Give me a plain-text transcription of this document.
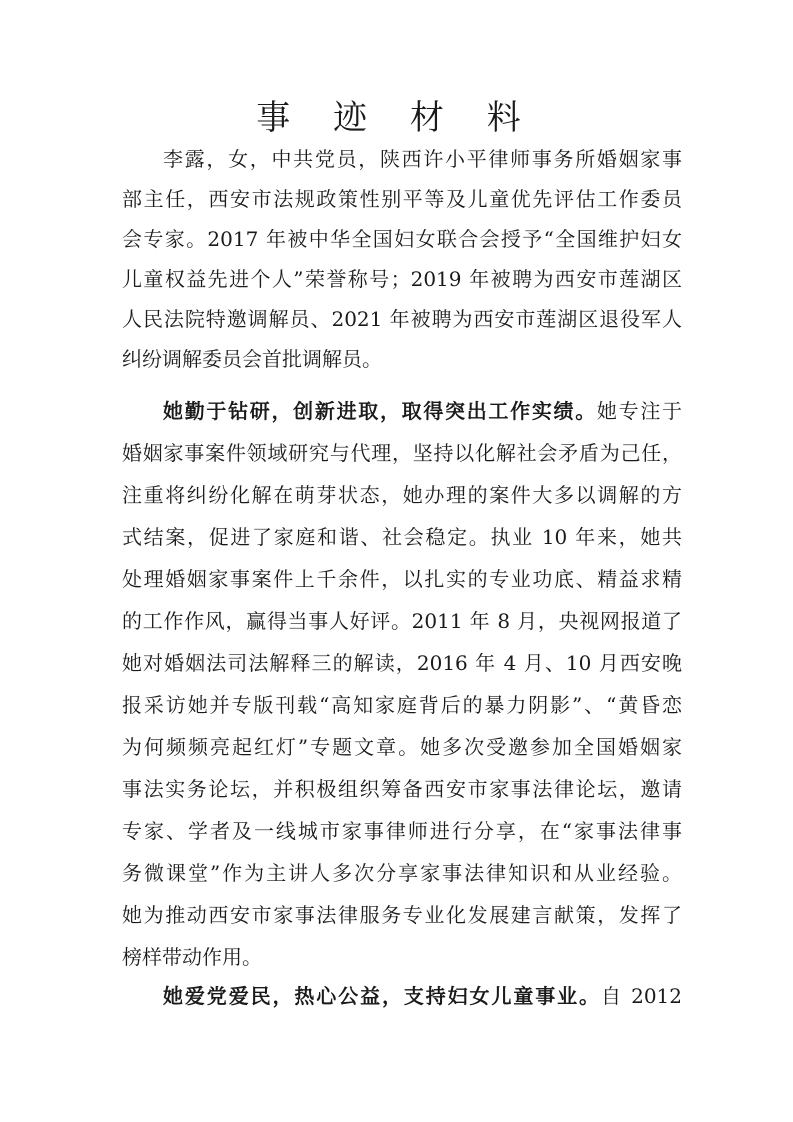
事 迹 材 料
李露，女，中共党员，陕西许小平律师事务所婚姻家事
部主任，西安市法规政策性别平等及儿童优先评估工作委员
会专家。2017 年被中华全国妇女联合会授予“全国维护妇女
儿童权益先进个人”荣誉称号；2019 年被聘为西安市莲湖区
人民法院特邀调解员、2021 年被聘为西安市莲湖区退役军人
纠纷调解委员会首批调解员。
她勤于钻研，创新进取，取得突出工作实绩。她专注于
婚姻家事案件领域研究与代理，坚持以化解社会矛盾为己任，
注重将纠纷化解在萌芽状态，她办理的案件大多以调解的方
式结案，促进了家庭和谐、社会稳定。执业 10 年来，她共
处理婚姻家事案件上千余件，以扎实的专业功底、精益求精
的工作作风，赢得当事人好评。2011 年 8 月，央视网报道了
她对婚姻法司法解释三的解读，2016 年 4 月、10 月西安晚
报采访她并专版刊载“高知家庭背后的暴力阴影”、“黄昏恋
为何频频亮起红灯”专题文章。她多次受邀参加全国婚姻家
事法实务论坛，并积极组织筹备西安市家事法律论坛，邀请
专家、学者及一线城市家事律师进行分享，在“家事法律事
务微课堂”作为主讲人多次分享家事法律知识和从业经验。
她为推动西安市家事法律服务专业化发展建言献策，发挥了
榜样带动作用。
她爱党爱民，热心公益，支持妇女儿童事业。自 2012
